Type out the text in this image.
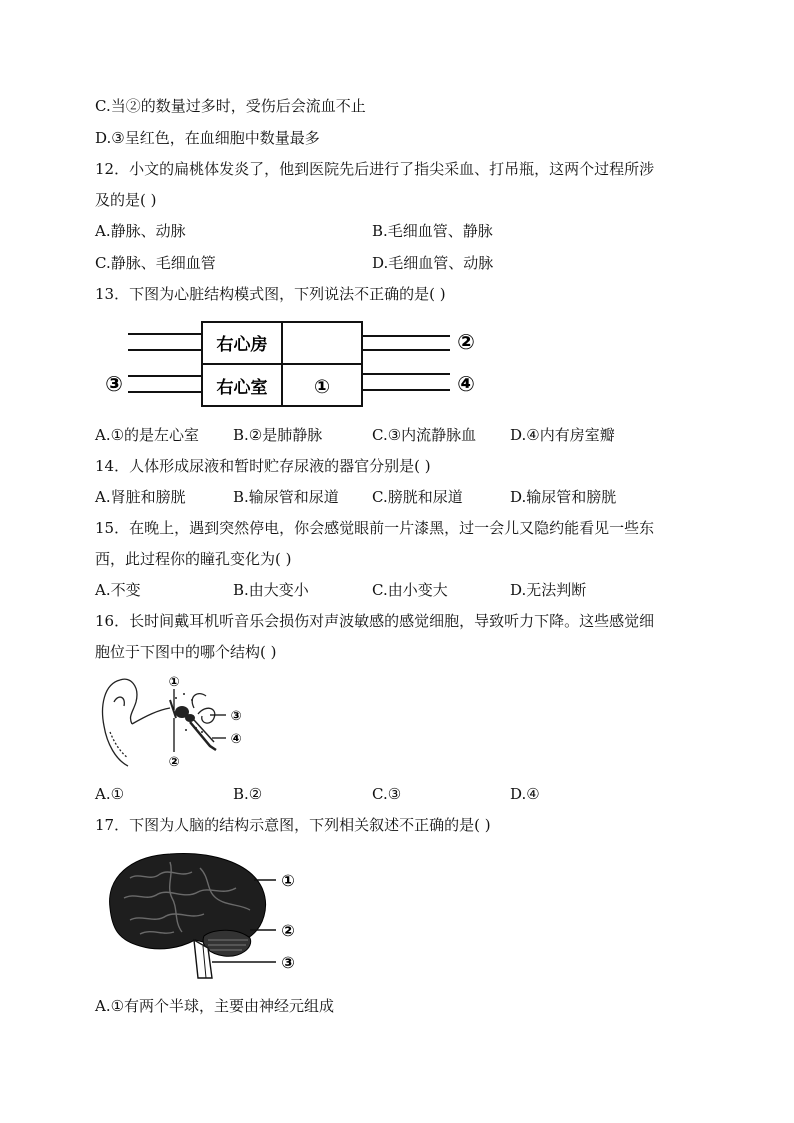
C.当②的数量过多时，受伤后会流血不止
D.③呈红色，在血细胞中数量最多
12．小文的扁桃体发炎了，他到医院先后进行了指尖采血、打吊瓶，这两个过程所涉
及的是( )
A.静脉、动脉	B.毛细血管、静脉
C.静脉、毛细血管	D.毛细血管、动脉
13．下图为心脏结构模式图，下列说法不正确的是( )
右心房
右心室 ①
②
③	④
A.①的是左心室 B.②是肺静脉	C.③内流静脉血 D.④内有房室瓣
14．人体形成尿液和暂时贮存尿液的器官分别是( )
A.肾脏和膀胱	B.输尿管和尿道 C.膀胱和尿道	D.输尿管和膀胱
15．在晚上，遇到突然停电，你会感觉眼前一片漆黑，过一会儿又隐约能看见一些东
西，此过程你的瞳孔变化为( )
A.不变	B.由大变小	C.由小变大	D.无法判断
16．长时间戴耳机听音乐会损伤对声波敏感的感觉细胞，导致听力下降。这些感觉细
胞位于下图中的哪个结构( )
①
②
③
④
A.①	B.②	C.③	D.④
17．下图为人脑的结构示意图，下列相关叙述不正确的是( )
①
②
③
A.①有两个半球，主要由神经元组成
